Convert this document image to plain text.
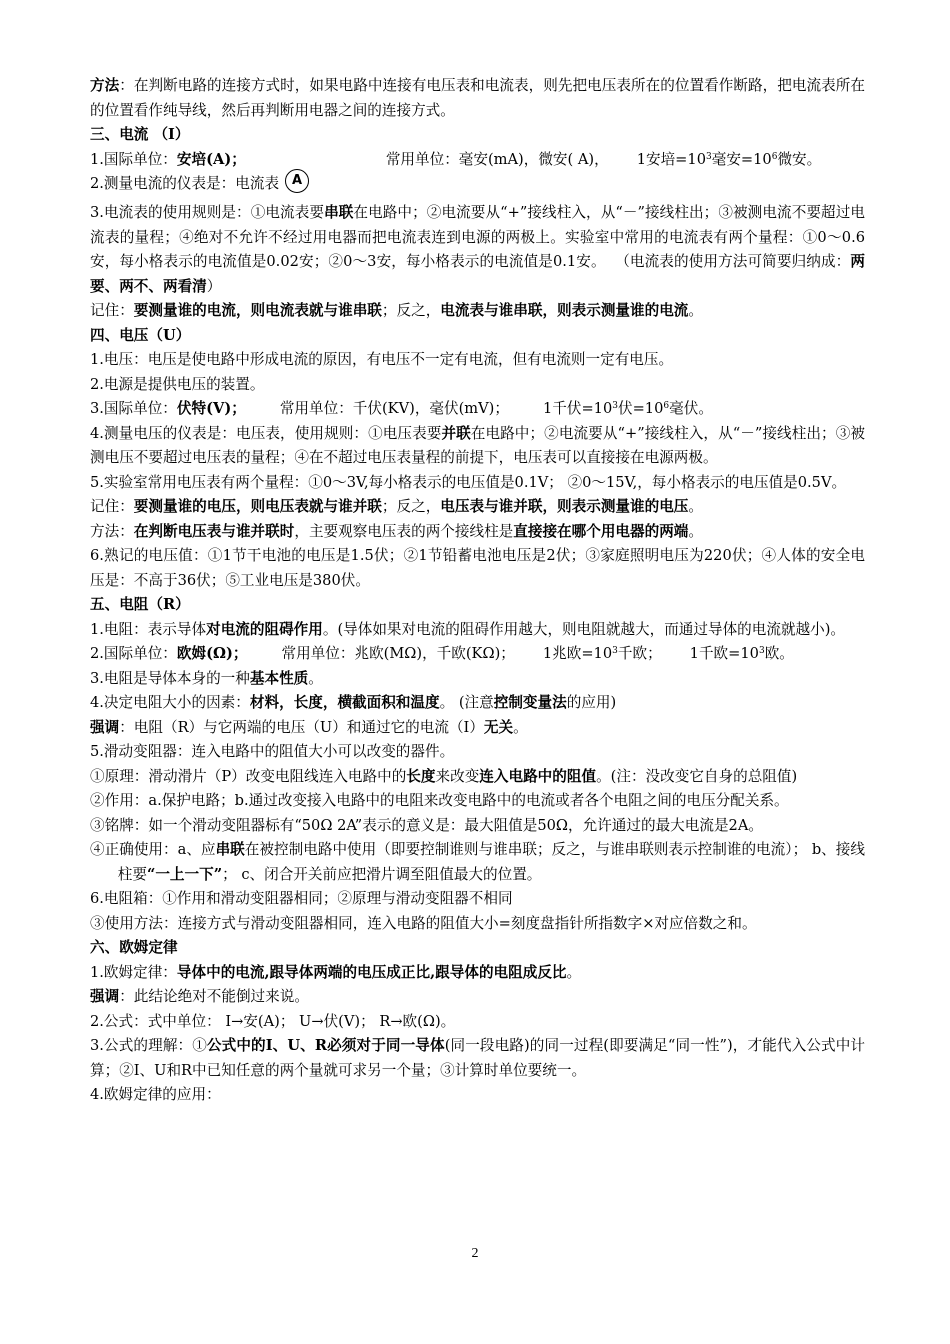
方法：在判断电路的连接方式时，如果电路中连接有电压表和电流表，则先把电压表所在的位置看作断路，把电流表所在的位置看作纯导线，然后再判断用电器之间的连接方式。
三、电流 （I）
1.国际单位：安培(A)；	常用单位：毫安(mA)，微安( A)， 1安培$=10^3$毫安$=10^6$微安。
2.测量电流的仪表是：电流表 A
3.电流表的使用规则是：①电流表要串联在电路中；②电流要从“+”接线柱入，从“－”接线柱出；③被测电流不要超过电流表的量程；④绝对不允许不经过用电器而把电流表连到电源的两极上。实验室中常用的电流表有两个量程：①0～0.6安，每小格表示的电流值是0.02安；②0～3安，每小格表示的电流值是0.1安。 （电流表的使用方法可简要归纳成：两要、两不、两看清）
记住：要测量谁的电流，则电流表就与谁串联；反之，电流表与谁串联，则表示测量谁的电流。
四、电压（U）
1.电压：电压是使电路中形成电流的原因，有电压不一定有电流，但有电流则一定有电压。
2.电源是提供电压的装置。
3.国际单位：伏特(V)； 常用单位：千伏(KV)，毫伏(mV)； 1千伏$=10^3$伏$=10^6$毫伏。
4.测量电压的仪表是：电压表，使用规则：①电压表要并联在电路中；②电流要从“+”接线柱入，从“－”接线柱出；③被测电压不要超过电压表的量程；④在不超过电压表量程的前提下，电压表可以直接接在电源两极。
5.实验室常用电压表有两个量程：①0～3V,每小格表示的电压值是0.1V； ②0～15V,，每小格表示的电压值是0.5V。
记住：要测量谁的电压，则电压表就与谁并联；反之，电压表与谁并联，则表示测量谁的电压。
方法：在判断电压表与谁并联时，主要观察电压表的两个接线柱是直接接在哪个用电器的两端。
6.熟记的电压值：①1节干电池的电压是1.5伏；②1节铅蓄电池电压是2伏；③家庭照明电压为220伏；④人体的安全电压是：不高于36伏；⑤工业电压是380伏。
五、电阻（R）
1.电阻：表示导体对电流的阻碍作用。(导体如果对电流的阻碍作用越大，则电阻就越大，而通过导体的电流就越小)。
2.国际单位：欧姆(Ω)； 常用单位：兆欧(MΩ)，千欧(KΩ)； 1兆欧$=10^3$千欧； 1千欧$=10^3$欧。
3.电阻是导体本身的一种基本性质。
4.决定电阻大小的因素：材料，长度，横截面积和温度。 (注意控制变量法的应用)
强调：电阻（R）与它两端的电压（U）和通过它的电流（I）无关。
5.滑动变阻器：连入电路中的阻值大小可以改变的器件。
①原理：滑动滑片（P）改变电阻线连入电路中的长度来改变连入电路中的阻值。(注：没改变它自身的总阻值)
②作用：a.保护电路；b.通过改变接入电路中的电阻来改变电路中的电流或者各个电阻之间的电压分配关系。
③铭牌：如一个滑动变阻器标有“50Ω 2A”表示的意义是：最大阻值是50Ω，允许通过的最大电流是2A。
④正确使用：a、应串联在被控制电路中使用（即要控制谁则与谁串联；反之，与谁串联则表示控制谁的电流）； b、接线柱要“一上一下”； c、闭合开关前应把滑片调至阻值最大的位置。
6.电阻箱：①作用和滑动变阻器相同；②原理与滑动变阻器不相同
③使用方法：连接方式与滑动变阻器相同，连入电路的阻值大小=刻度盘指针所指数字×对应倍数之和。
六、欧姆定律
1.欧姆定律：导体中的电流,跟导体两端的电压成正比,跟导体的电阻成反比。
强调：此结论绝对不能倒过来说。
2.公式：式中单位： I→安(A)； U→伏(V)； R→欧(Ω)。
3.公式的理解：①公式中的I、U、R必须对于同一导体(同一段电路)的同一过程(即要满足“同一性”)，才能代入公式中计算；②I、U和R中已知任意的两个量就可求另一个量；③计算时单位要统一。
4.欧姆定律的应用：
2
